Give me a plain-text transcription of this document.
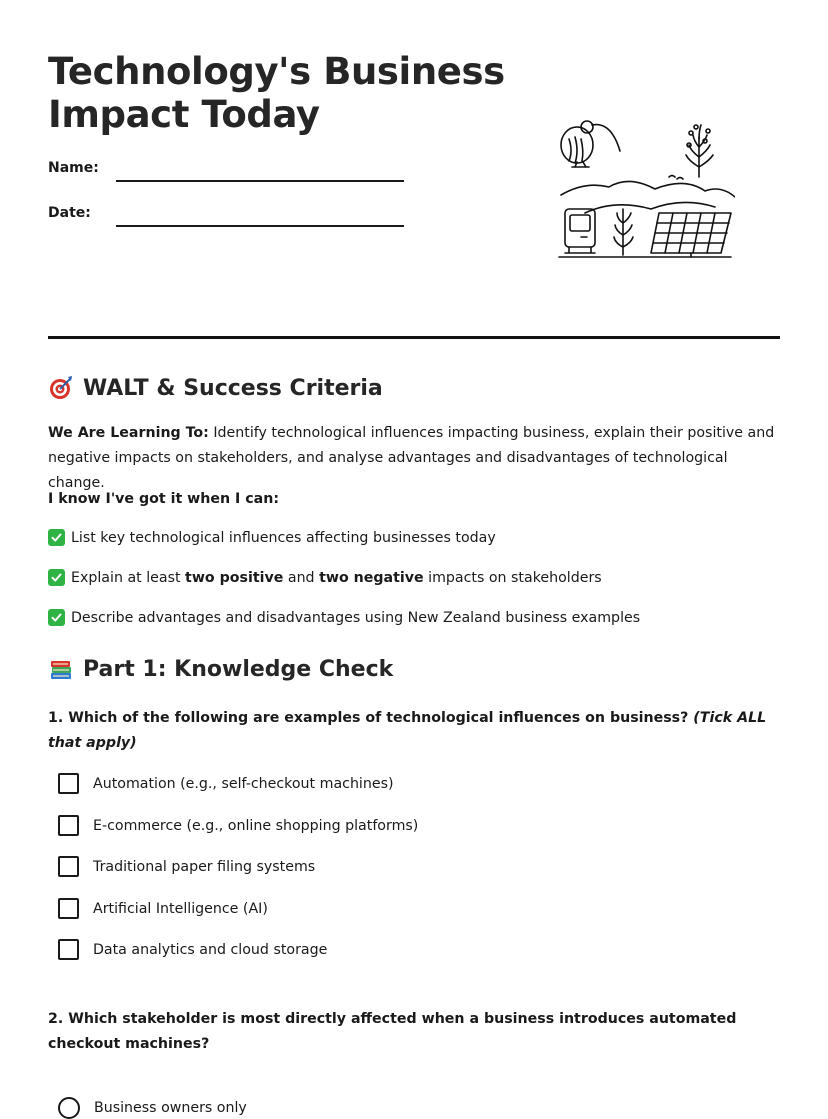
Technology's Business
Impact Today
Name:
Date:
WALT & Success Criteria

We Are Learning To: Identify technological influences impacting business, explain their positive and negative impacts on stakeholders, and analyse advantages and disadvantages of technological change.

I know I've got it when I can:
List key technological influences affecting businesses today
Explain at least two positive and two negative impacts on stakeholders
Describe advantages and disadvantages using New Zealand business examples
Part 1: Knowledge Check

1. Which of the following are examples of technological influences on business? (Tick ALL that apply)

Automation (e.g., self-checkout machines)
E-commerce (e.g., online shopping platforms)
Traditional paper filing systems
Artificial Intelligence (AI)
Data analytics and cloud storage

2. Which stakeholder is most directly affected when a business introduces automated checkout machines?

Business owners only
